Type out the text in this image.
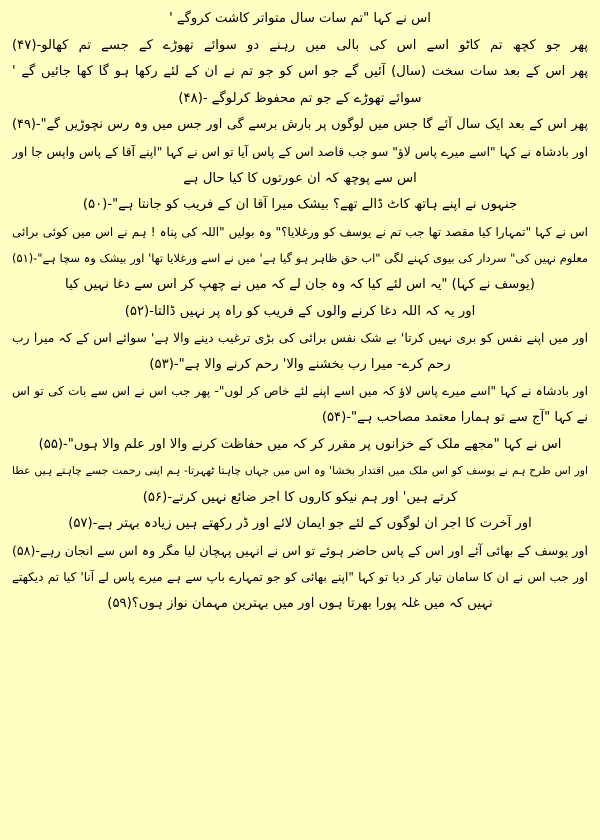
اس نے کہا "تم سات سال متواتر کاشت کروگے '
پھر جو کچھ تم کاٹو اسے اس کی بالی میں رہنے دو سوائے تھوڑے کے جسے تم کھالو-(۴۷)
پھر اس کے بعد سات سخت (سال) آئیں گے جو اس کو جو تم نے ان کے لئے رکھا ہو گا کھا جائیں گے '
سوائے تھوڑے کے جو تم محفوظ کرلوگے -(۴۸)
پھر اس کے بعد ایک سال آئے گا جس میں لوگوں پر بارش برسے گی اور جس میں وہ رس نچوڑیں گے"-(۴۹)
اور بادشاہ نے کہا "اسے میرے پاس لاؤ" سو جب قاصد اس کے پاس آیا تو اس نے کہا "اپنے آقا کے پاس واپس جا اور
اس سے پوچھ کہ ان عورتوں کا کیا حال ہے
جنہوں نے اپنے ہاتھ کاٹ ڈالے تھے؟ بیشک میرا آقا ان کے فریب کو جانتا ہے"-(۵۰)
اس نے کہا "تمہارا کیا مقصد تھا جب تم نے یوسف کو ورغلایا؟" وہ بولیں "اللہ کی پناہ ! ہم نے اس میں کوئی برائی
معلوم نہیں کی" سردار کی بیوی کہنے لگی "اب حق ظاہر ہو گیا ہے' میں نے اسے ورغلایا تھا' اور بیشک وہ سچا ہے"-(۵۱)
(یوسف نے کہا) "یہ اس لئے کیا کہ وہ جان لے کہ میں نے چھپ کر اس سے دغا نہیں کیا
اور یہ کہ اللہ دغا کرنے والوں کے فریب کو راہ پر نہیں ڈالتا-(۵۲)
اور میں اپنے نفس کو بری نہیں کرتا' بے شک نفس برائی کی بڑی ترغیب دینے والا ہے' سوائے اس کے کہ میرا رب
رحم کرے- میرا رب بخشنے والا' رحم کرنے والا ہے"-(۵۳)
اور بادشاہ نے کہا "اسے میرے پاس لاؤ کہ میں اسے اپنے لئے خاص کر لوں"- پھر جب اس نے اس سے بات کی تو اس
نے کہا "آج سے تو ہمارا معتمد مصاحب ہے"-(۵۴)
اس نے کہا "مجھے ملک کے خزانوں پر مقرر کر کہ میں حفاظت کرنے والا اور علم والا ہوں"-(۵۵)
اور اس طرح ہم نے یوسف کو اس ملک میں اقتدار بخشا' وہ اس میں جہاں چاہتا ٹھہرتا- ہم اپنی رحمت جسے چاہتے ہیں عطا
کرتے ہیں' اور ہم نیکو کاروں کا اجر ضائع نہیں کرتے-(۵۶)
اور آخرت کا اجر ان لوگوں کے لئے جو ایمان لائے اور ڈر رکھتے ہیں زیادہ بہتر ہے-(۵۷)
اور یوسف کے بھائی آئے اور اس کے پاس حاضر ہوئے تو اس نے انہیں پہچان لیا مگر وہ اس سے انجان رہے-(۵۸)
اور جب اس نے ان کا سامان تیار کر دیا تو کہا "اپنے بھائی کو جو تمہارے باپ سے ہے میرے پاس لے آنا' کیا تم دیکھتے
نہیں کہ میں غلہ پورا بھرتا ہوں اور میں بہترین مہمان نواز ہوں؟(۵۹)
